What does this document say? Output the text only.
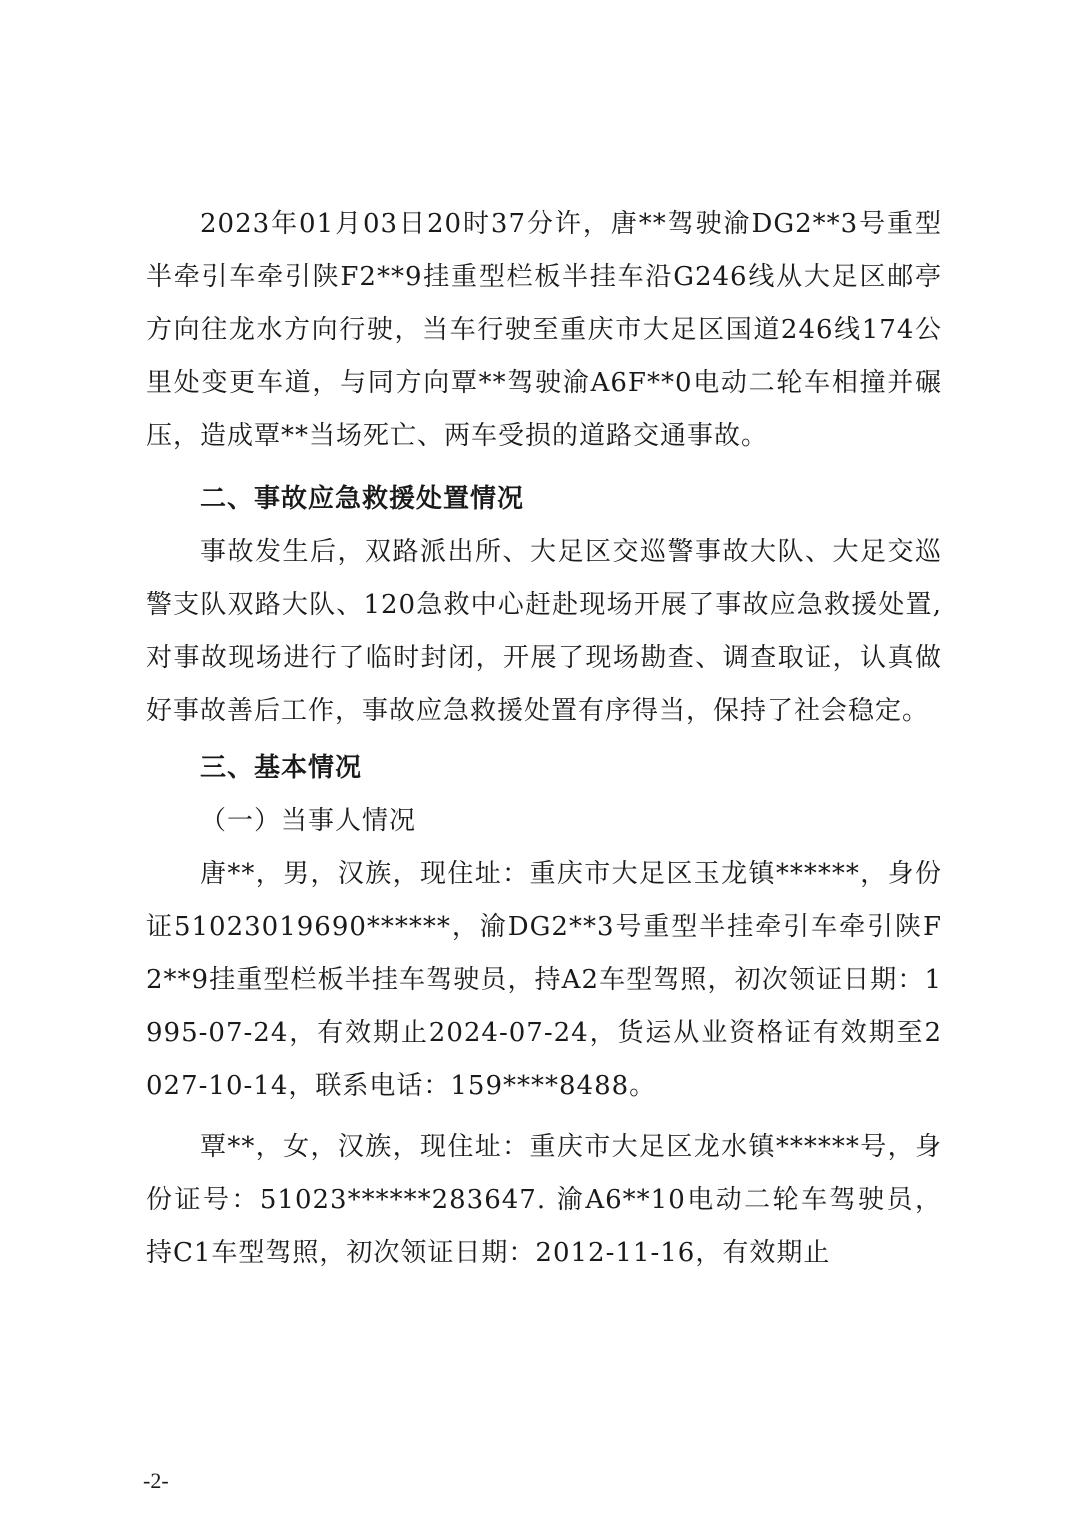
2023年01月03日20时37分许，唐**驾驶渝DG2**3号重型半牵引车牵引陕F2**9挂重型栏板半挂车沿G246线从大足区邮亭方向往龙水方向行驶，当车行驶至重庆市大足区国道246线174公里处变更车道，与同方向覃**驾驶渝A6F**0电动二轮车相撞并碾压，造成覃**当场死亡、两车受损的道路交通事故。

二、事故应急救援处置情况

事故发生后，双路派出所、大足区交巡警事故大队、大足交巡警支队双路大队、120急救中心赶赴现场开展了事故应急救援处置,对事故现场进行了临时封闭，开展了现场勘查、调查取证，认真做好事故善后工作，事故应急救援处置有序得当，保持了社会稳定。

三、基本情况

（一）当事人情况

唐**，男，汉族，现住址：重庆市大足区玉龙镇******，身份证51023019690******，渝DG2**3号重型半挂牵引车牵引陕F2**9挂重型栏板半挂车驾驶员，持A2车型驾照，初次领证日期：1995-07-24，有效期止2024-07-24，货运从业资格证有效期至2027-10-14，联系电话：159****8488。

覃**，女，汉族，现住址：重庆市大足区龙水镇******号，身份证号：51023******283647. 渝A6**10电动二轮车驾驶员，持C1车型驾照，初次领证日期：2012-11-16，有效期止

-2-
